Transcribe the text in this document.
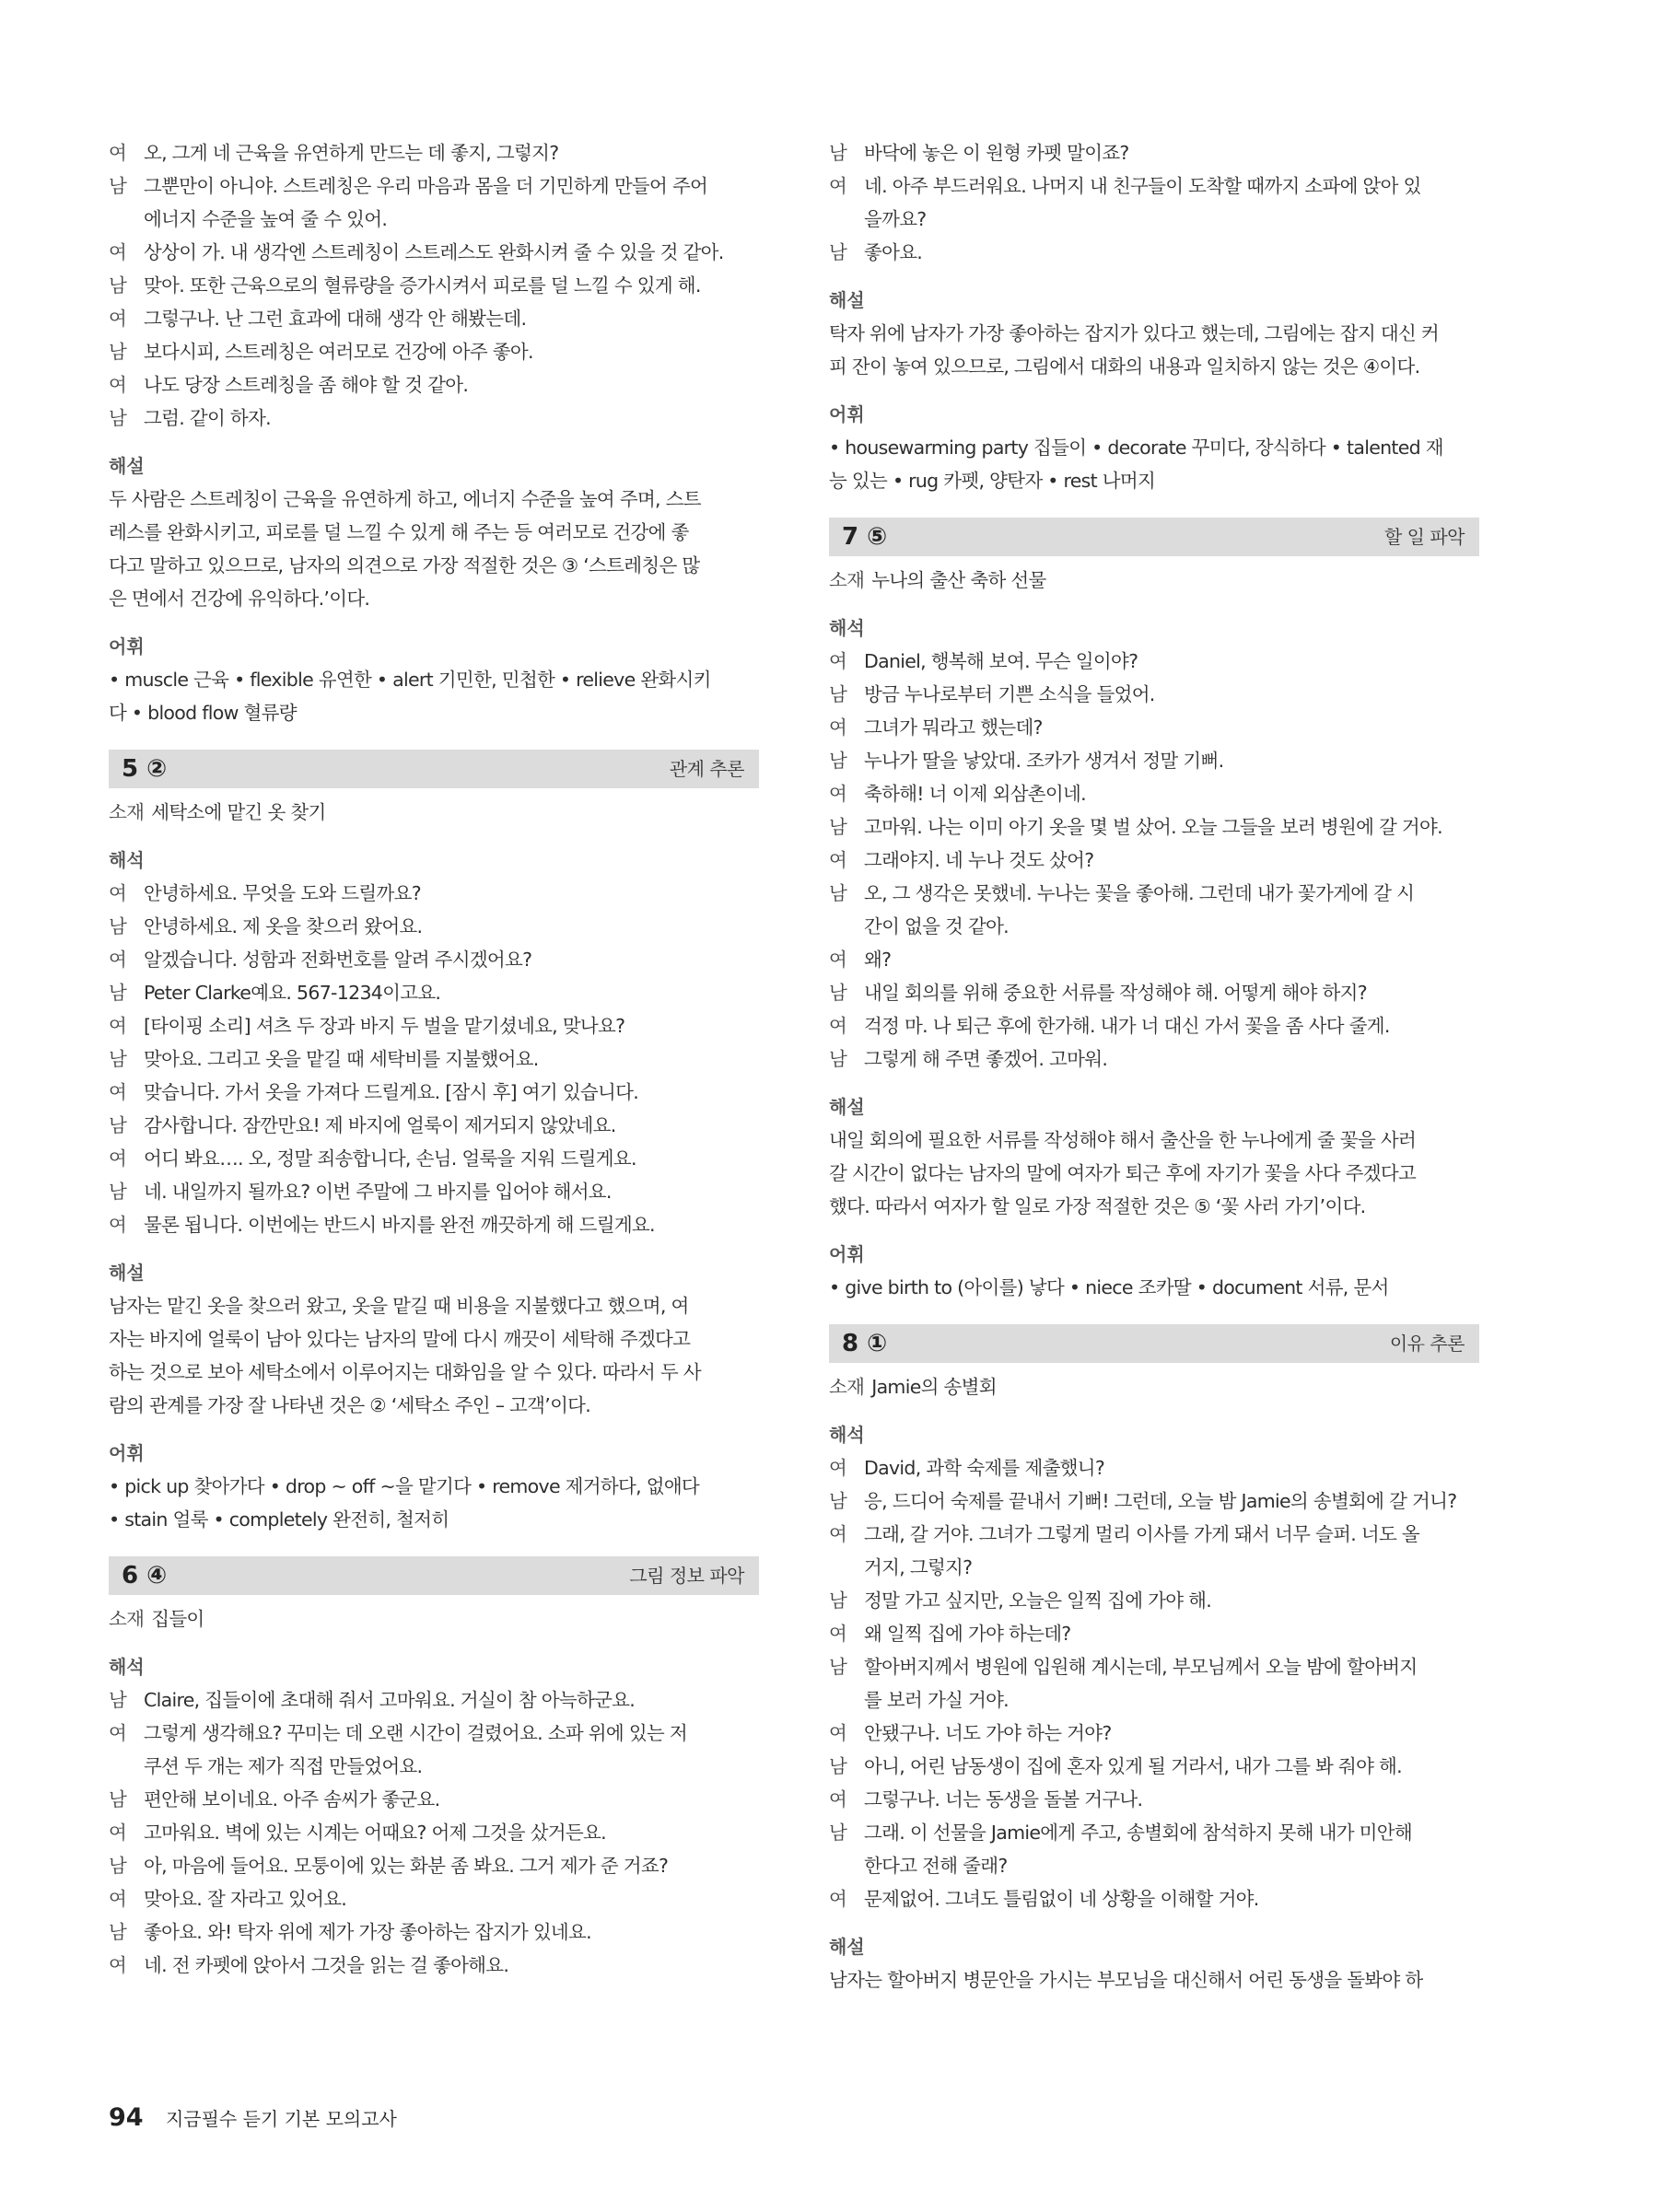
여 오, 그게 네 근육을 유연하게 만드는 데 좋지, 그렇지?
남 그뿐만이 아니야. 스트레칭은 우리 마음과 몸을 더 기민하게 만들어 주어
에너지 수준을 높여 줄 수 있어.
여 상상이 가. 내 생각엔 스트레칭이 스트레스도 완화시켜 줄 수 있을 것 같아.
남 맞아. 또한 근육으로의 혈류량을 증가시켜서 피로를 덜 느낄 수 있게 해.
여 그렇구나. 난 그런 효과에 대해 생각 안 해봤는데.
남 보다시피, 스트레칭은 여러모로 건강에 아주 좋아.
여 나도 당장 스트레칭을 좀 해야 할 것 같아.
남 그럼. 같이 하자.
해설
두 사람은 스트레칭이 근육을 유연하게 하고, 에너지 수준을 높여 주며, 스트
레스를 완화시키고, 피로를 덜 느낄 수 있게 해 주는 등 여러모로 건강에 좋
다고 말하고 있으므로, 남자의 의견으로 가장 적절한 것은 ③ ‘스트레칭은 많
은 면에서 건강에 유익하다.’이다.
어휘
• muscle 근육 • flexible 유연한 • alert 기민한, 민첩한 • relieve 완화시키
다 • blood flow 혈류량
5 ②	관계 추론
소재 세탁소에 맡긴 옷 찾기
해석
여 안녕하세요. 무엇을 도와 드릴까요?
남 안녕하세요. 제 옷을 찾으러 왔어요.
여 알겠습니다. 성함과 전화번호를 알려 주시겠어요?
남 Peter Clarke예요. 567-1234이고요.
여 [타이핑 소리] 셔츠 두 장과 바지 두 벌을 맡기셨네요, 맞나요?
남 맞아요. 그리고 옷을 맡길 때 세탁비를 지불했어요.
여 맞습니다. 가서 옷을 가져다 드릴게요. [잠시 후] 여기 있습니다.
남 감사합니다. 잠깐만요! 제 바지에 얼룩이 제거되지 않았네요.
여 어디 봐요…. 오, 정말 죄송합니다, 손님. 얼룩을 지워 드릴게요.
남 네. 내일까지 될까요? 이번 주말에 그 바지를 입어야 해서요.
여 물론 됩니다. 이번에는 반드시 바지를 완전 깨끗하게 해 드릴게요.
해설
남자는 맡긴 옷을 찾으러 왔고, 옷을 맡길 때 비용을 지불했다고 했으며, 여
자는 바지에 얼룩이 남아 있다는 남자의 말에 다시 깨끗이 세탁해 주겠다고
하는 것으로 보아 세탁소에서 이루어지는 대화임을 알 수 있다. 따라서 두 사
람의 관계를 가장 잘 나타낸 것은 ② ‘세탁소 주인 – 고객’이다.
어휘
• pick up 찾아가다 • drop ~ off ~을 맡기다 • remove 제거하다, 없애다
• stain 얼룩 • completely 완전히, 철저히
6 ④	그림 정보 파악
소재 집들이
해석
남 Claire, 집들이에 초대해 줘서 고마워요. 거실이 참 아늑하군요.
여 그렇게 생각해요? 꾸미는 데 오랜 시간이 걸렸어요. 소파 위에 있는 저
쿠션 두 개는 제가 직접 만들었어요.
남 편안해 보이네요. 아주 솜씨가 좋군요.
여 고마워요. 벽에 있는 시계는 어때요? 어제 그것을 샀거든요.
남 아, 마음에 들어요. 모퉁이에 있는 화분 좀 봐요. 그거 제가 준 거죠?
여 맞아요. 잘 자라고 있어요.
남 좋아요. 와! 탁자 위에 제가 가장 좋아하는 잡지가 있네요.
여 네. 전 카펫에 앉아서 그것을 읽는 걸 좋아해요.
남 바닥에 놓은 이 원형 카펫 말이죠?
여 네. 아주 부드러워요. 나머지 내 친구들이 도착할 때까지 소파에 앉아 있
을까요?
남 좋아요.
해설
탁자 위에 남자가 가장 좋아하는 잡지가 있다고 했는데, 그림에는 잡지 대신 커
피 잔이 놓여 있으므로, 그림에서 대화의 내용과 일치하지 않는 것은 ④이다.
어휘
• housewarming party 집들이 • decorate 꾸미다, 장식하다 • talented 재
능 있는 • rug 카펫, 양탄자 • rest 나머지
7 ⑤	할 일 파악
소재 누나의 출산 축하 선물
해석
여 Daniel, 행복해 보여. 무슨 일이야?
남 방금 누나로부터 기쁜 소식을 들었어.
여 그녀가 뭐라고 했는데?
남 누나가 딸을 낳았대. 조카가 생겨서 정말 기뻐.
여 축하해! 너 이제 외삼촌이네.
남 고마워. 나는 이미 아기 옷을 몇 벌 샀어. 오늘 그들을 보러 병원에 갈 거야.
여 그래야지. 네 누나 것도 샀어?
남 오, 그 생각은 못했네. 누나는 꽃을 좋아해. 그런데 내가 꽃가게에 갈 시
간이 없을 것 같아.
여 왜?
남 내일 회의를 위해 중요한 서류를 작성해야 해. 어떻게 해야 하지?
여 걱정 마. 나 퇴근 후에 한가해. 내가 너 대신 가서 꽃을 좀 사다 줄게.
남 그렇게 해 주면 좋겠어. 고마워.
해설
내일 회의에 필요한 서류를 작성해야 해서 출산을 한 누나에게 줄 꽃을 사러
갈 시간이 없다는 남자의 말에 여자가 퇴근 후에 자기가 꽃을 사다 주겠다고
했다. 따라서 여자가 할 일로 가장 적절한 것은 ⑤ ‘꽃 사러 가기’이다.
어휘
• give birth to (아이를) 낳다 • niece 조카딸 • document 서류, 문서
8 ①	이유 추론
소재 Jamie의 송별회
해석
여 David, 과학 숙제를 제출했니?
남 응, 드디어 숙제를 끝내서 기뻐! 그런데, 오늘 밤 Jamie의 송별회에 갈 거니?
여 그래, 갈 거야. 그녀가 그렇게 멀리 이사를 가게 돼서 너무 슬퍼. 너도 올
거지, 그렇지?
남 정말 가고 싶지만, 오늘은 일찍 집에 가야 해.
여 왜 일찍 집에 가야 하는데?
남 할아버지께서 병원에 입원해 계시는데, 부모님께서 오늘 밤에 할아버지
를 보러 가실 거야.
여 안됐구나. 너도 가야 하는 거야?
남 아니, 어린 남동생이 집에 혼자 있게 될 거라서, 내가 그를 봐 줘야 해.
여 그렇구나. 너는 동생을 돌볼 거구나.
남 그래. 이 선물을 Jamie에게 주고, 송별회에 참석하지 못해 내가 미안해
한다고 전해 줄래?
여 문제없어. 그녀도 틀림없이 네 상황을 이해할 거야.
해설
남자는 할아버지 병문안을 가시는 부모님을 대신해서 어린 동생을 돌봐야 하
94 지금필수 듣기 기본 모의고사
